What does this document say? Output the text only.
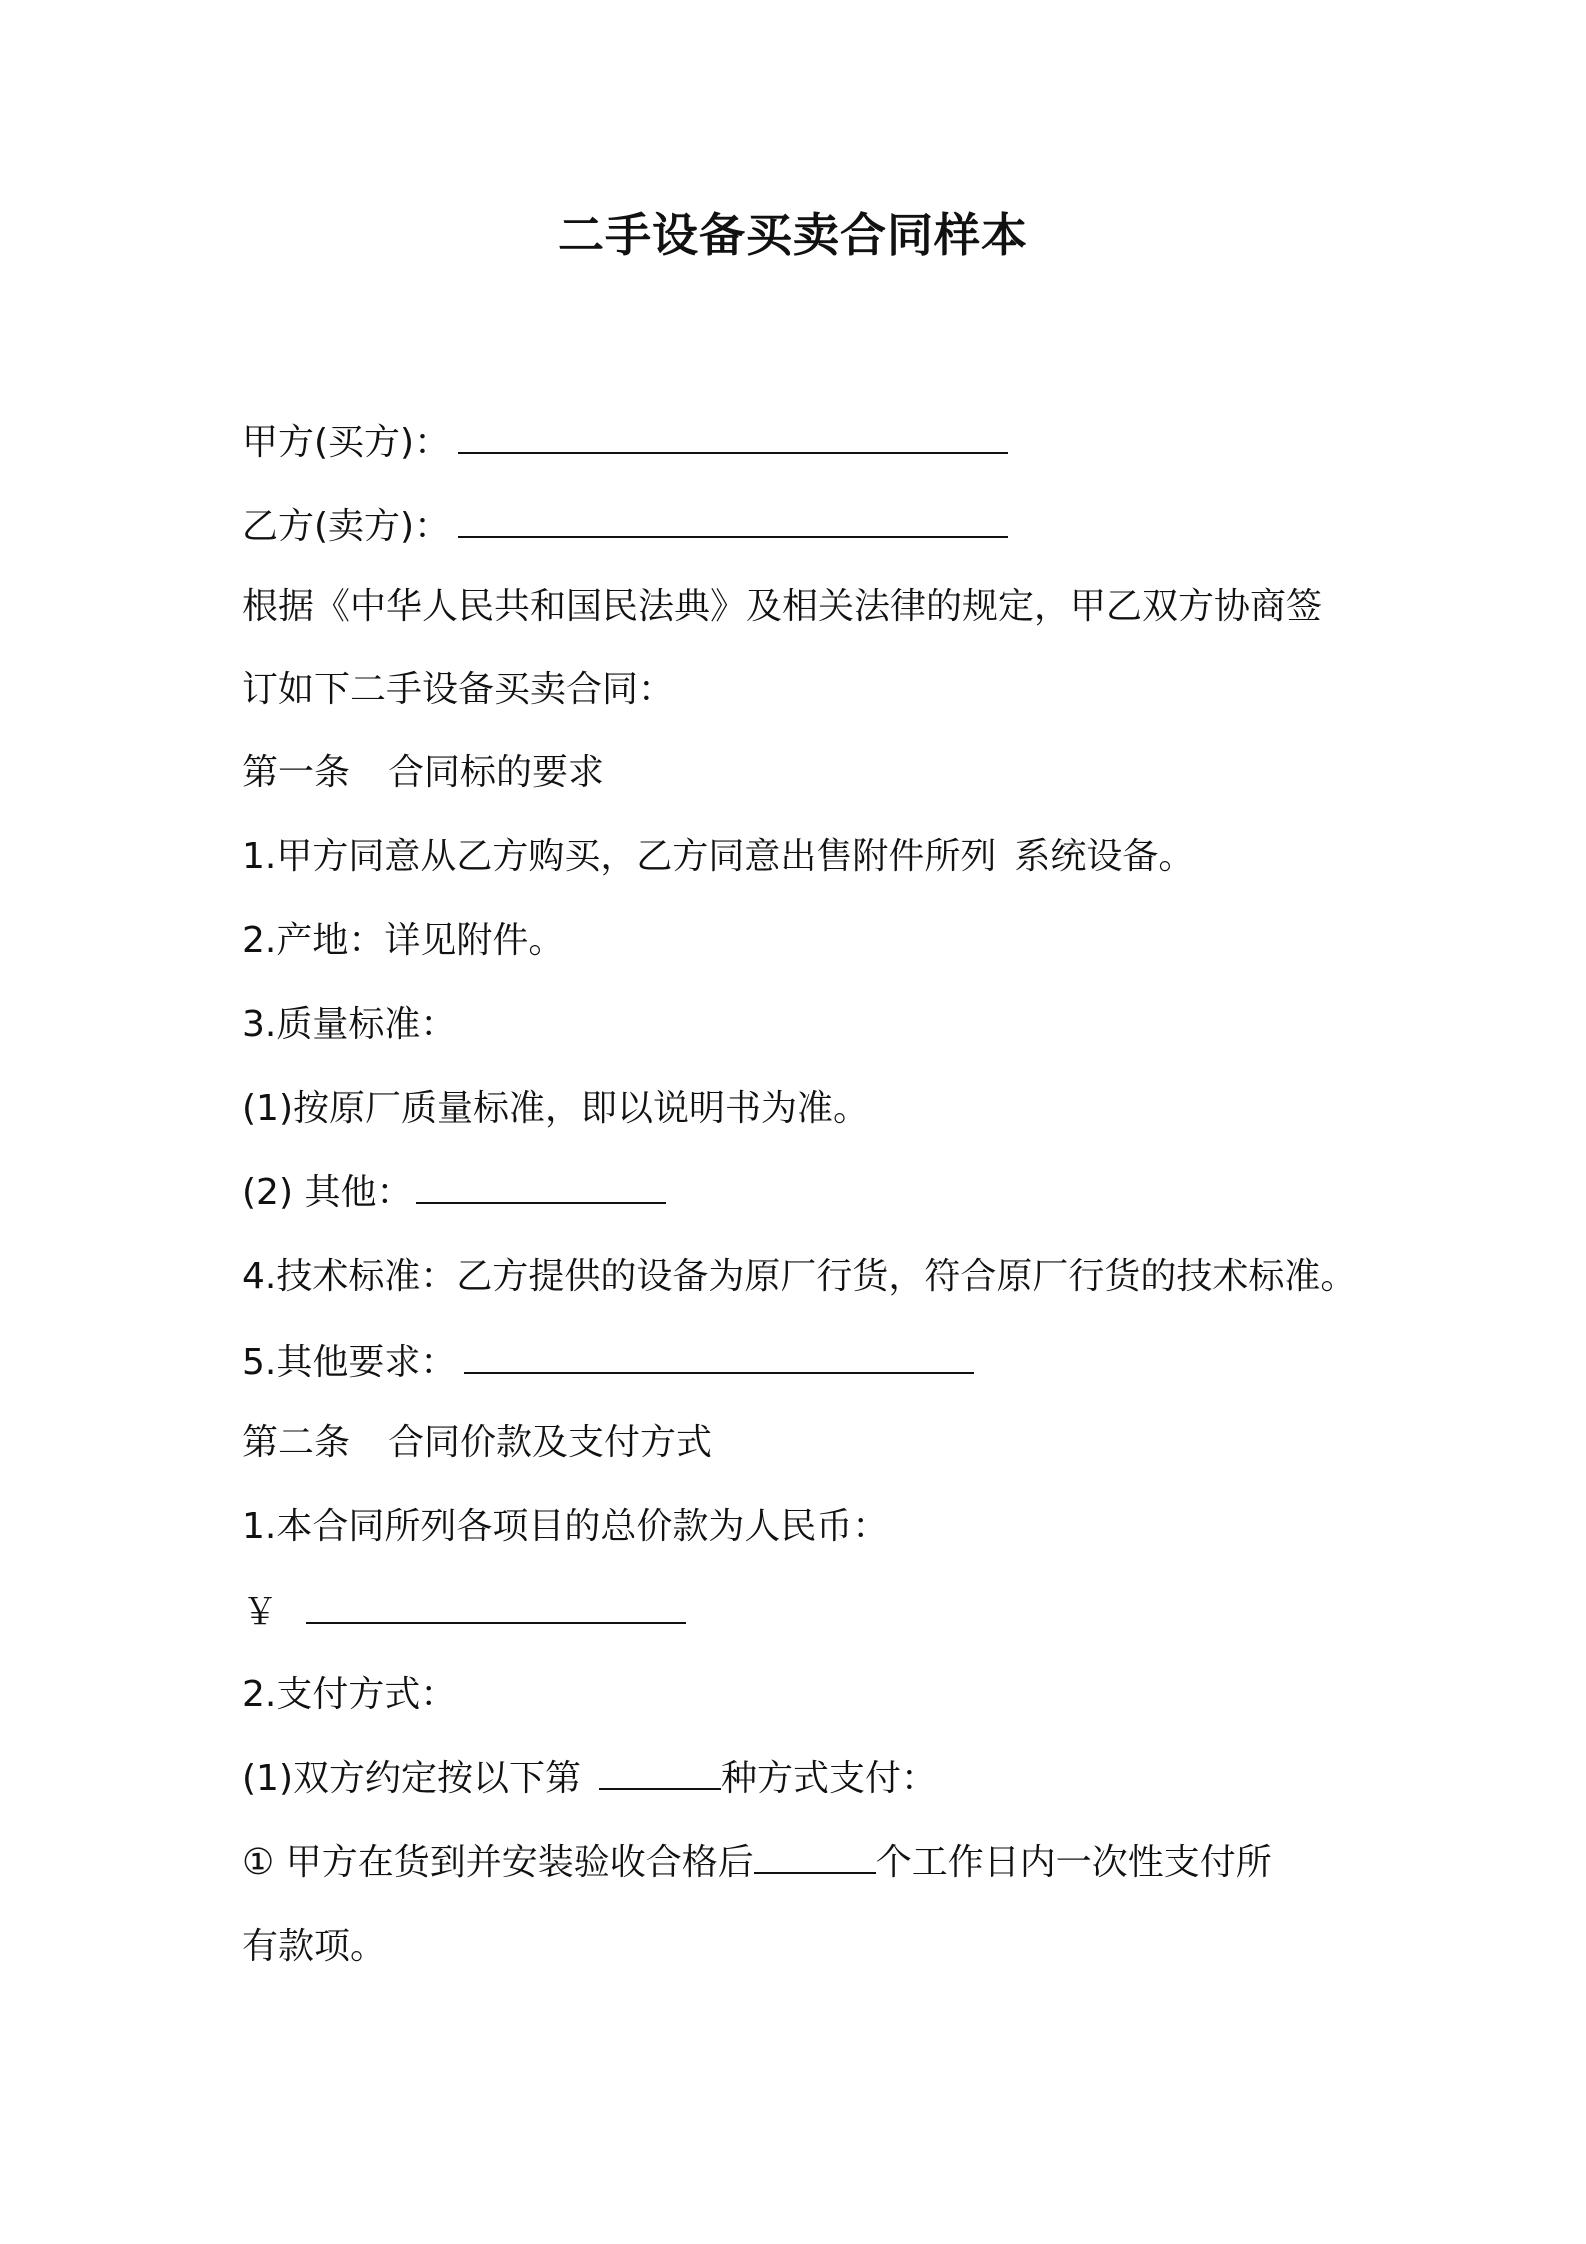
二手设备买卖合同样本

甲方(买方)：

乙方(卖方)：

根据《中华人民共和国民法典》及相关法律的规定，甲乙双方协商签

订如下二手设备买卖合同：

第一条 合同标的要求

1.甲方同意从乙方购买，乙方同意出售附件所列 系统设备。

2.产地：详见附件。

3.质量标准：

(1)按原厂质量标准，即以说明书为准。

(2) 其他：

4.技术标准：乙方提供的设备为原厂行货，符合原厂行货的技术标准。

5.其他要求：

第二条 合同价款及支付方式

1.本合同所列各项目的总价款为人民币：

￥

2.支付方式：

(1)双方约定按以下第	种方式支付：

① 甲方在货到并安装验收合格后	个工作日内一次性支付所

有款项。
